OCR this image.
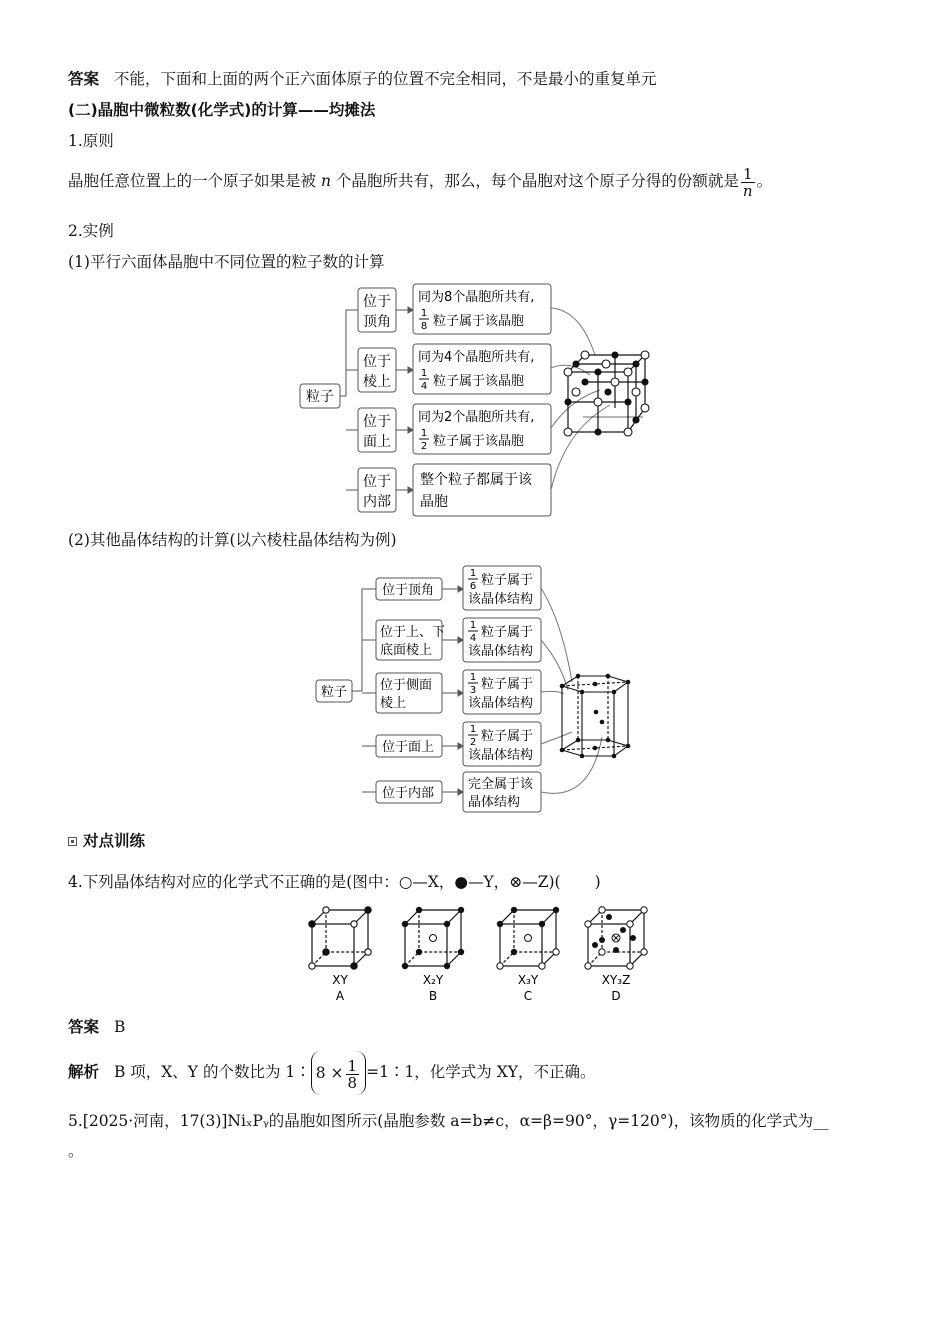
答案 不能，下面和上面的两个正六面体原子的位置不完全相同，不是最小的重复单元
(二)晶胞中微粒数(化学式)的计算——均摊法
1.原则
晶胞任意位置上的一个原子如果是被 n 个晶胞所共有，那么，每个晶胞对这个原子分得的份额就是 $\frac{1}{n}$ 。
2.实例
(1)平行六面体晶胞中不同位置的粒子数的计算
粒子
位于
顶角
位于
棱上
位于
面上
位于
内部
同为8个晶胞所共有,
1
8 粒子属于该晶胞
同为4个晶胞所共有,
1
4 粒子属于该晶胞
同为2个晶胞所共有,
1
2 粒子属于该晶胞
整个粒子都属于该
晶胞
(2)其他晶体结构的计算(以六棱柱晶体结构为例)
粒子
位于顶角
位于上、下
底面棱上
位于侧面
棱上
位于面上
位于内部
1
6 粒子属于
该晶体结构
1
4 粒子属于
该晶体结构
1
3 粒子属于
该晶体结构
1
2 粒子属于
该晶体结构
完全属于该
晶体结构
对点训练
4.下列晶体结构对应的化学式不正确的是(图中：○—X，●—Y，⊗—Z)( )
XY
A
X₂Y
B
X₃Y
C
XY₃Z
D
答案 B
解析 B 项，X、Y 的个数比为 1∶ $8 \times \frac{1}{8}$ =1∶1，化学式为 XY，不正确。
5.[2025·河南，17(3)]NiₓPᵧ的晶胞如图所示(晶胞参数 a=b≠c，α=β=90°，γ=120°)，该物质的化学式为__
。
